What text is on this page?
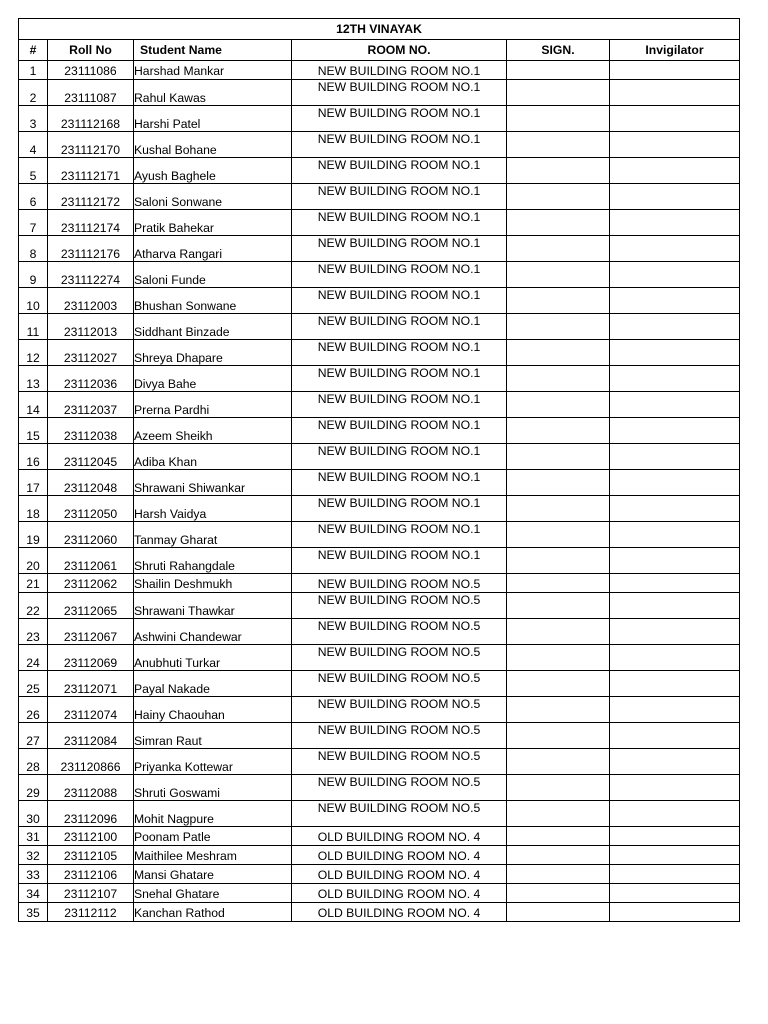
12TH VINAYAK					
#	Roll No	Student Name	ROOM NO.	SIGN.	Invigilator
1	23111086	Harshad Mankar	NEW BUILDING ROOM NO.1		
2	23111087	Rahul Kawas	NEW BUILDING ROOM NO.1		
3	231112168	Harshi Patel	NEW BUILDING ROOM NO.1		
4	231112170	Kushal Bohane	NEW BUILDING ROOM NO.1		
5	231112171	Ayush Baghele	NEW BUILDING ROOM NO.1		
6	231112172	Saloni Sonwane	NEW BUILDING ROOM NO.1		
7	231112174	Pratik Bahekar	NEW BUILDING ROOM NO.1		
8	231112176	Atharva Rangari	NEW BUILDING ROOM NO.1		
9	231112274	Saloni Funde	NEW BUILDING ROOM NO.1		
10	23112003	Bhushan Sonwane	NEW BUILDING ROOM NO.1		
11	23112013	Siddhant Binzade	NEW BUILDING ROOM NO.1		
12	23112027	Shreya Dhapare	NEW BUILDING ROOM NO.1		
13	23112036	Divya Bahe	NEW BUILDING ROOM NO.1		
14	23112037	Prerna Pardhi	NEW BUILDING ROOM NO.1		
15	23112038	Azeem Sheikh	NEW BUILDING ROOM NO.1		
16	23112045	Adiba Khan	NEW BUILDING ROOM NO.1		
17	23112048	Shrawani Shiwankar	NEW BUILDING ROOM NO.1		
18	23112050	Harsh Vaidya	NEW BUILDING ROOM NO.1		
19	23112060	Tanmay Gharat	NEW BUILDING ROOM NO.1		
20	23112061	Shruti Rahangdale	NEW BUILDING ROOM NO.1		
21	23112062	Shailin Deshmukh	NEW BUILDING ROOM NO.5		
22	23112065	Shrawani Thawkar	NEW BUILDING ROOM NO.5		
23	23112067	Ashwini Chandewar	NEW BUILDING ROOM NO.5		
24	23112069	Anubhuti Turkar	NEW BUILDING ROOM NO.5		
25	23112071	Payal Nakade	NEW BUILDING ROOM NO.5		
26	23112074	Hainy Chaouhan	NEW BUILDING ROOM NO.5		
27	23112084	Simran Raut	NEW BUILDING ROOM NO.5		
28	231120866	Priyanka Kottewar	NEW BUILDING ROOM NO.5		
29	23112088	Shruti Goswami	NEW BUILDING ROOM NO.5		
30	23112096	Mohit Nagpure	NEW BUILDING ROOM NO.5		
31	23112100	Poonam Patle	OLD BUILDING ROOM NO. 4		
32	23112105	Maithilee Meshram	OLD BUILDING ROOM NO. 4		
33	23112106	Mansi Ghatare	OLD BUILDING ROOM NO. 4		
34	23112107	Snehal Ghatare	OLD BUILDING ROOM NO. 4		
35	23112112	Kanchan Rathod	OLD BUILDING ROOM NO. 4		
